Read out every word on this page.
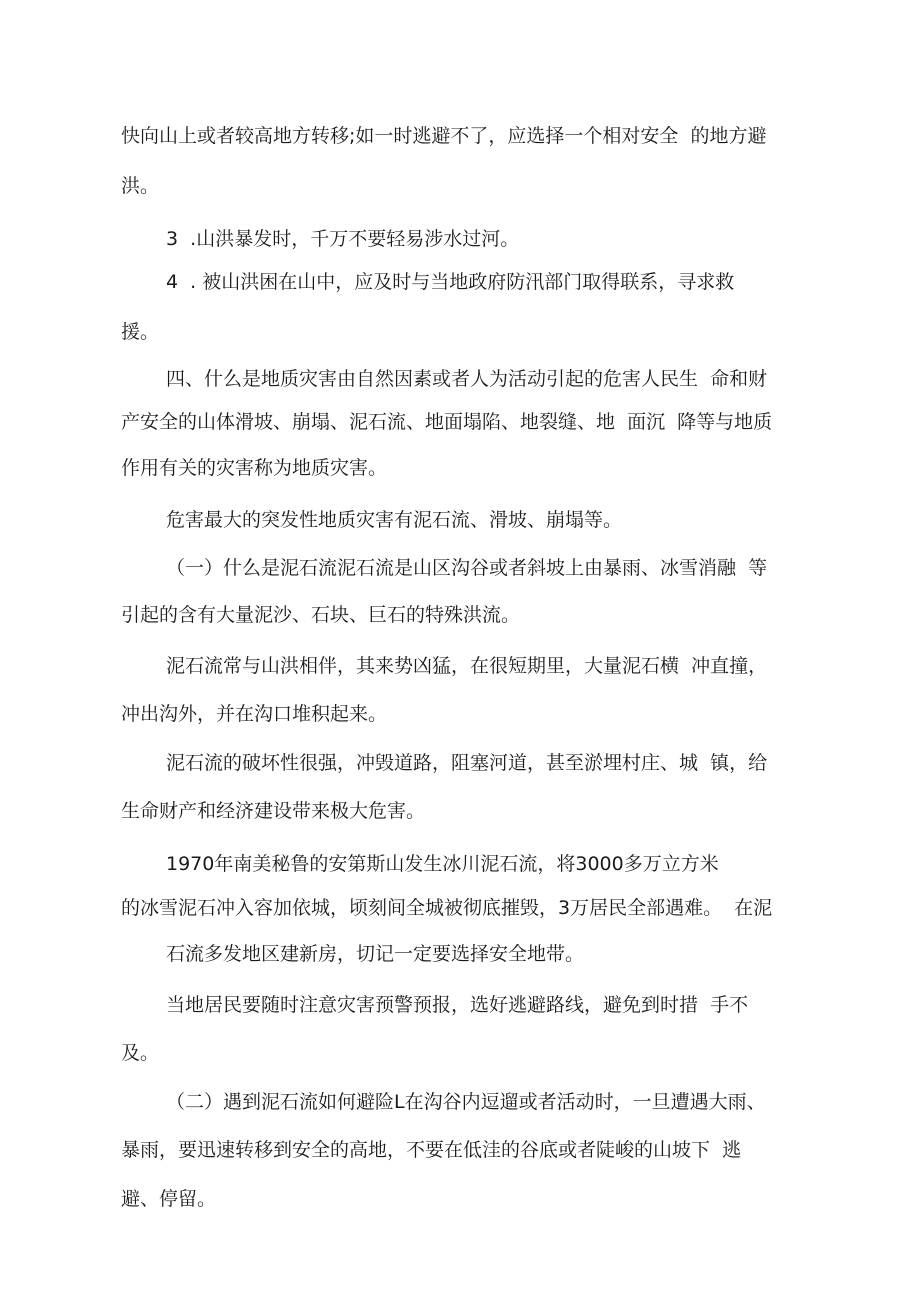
快向山上或者较高地方转移;如一时逃避不了，应选择一个相对安全  的地方避
洪。
3  .山洪暴发时，千万不要轻易涉水过河。
4  . 被山洪困在山中，应及时与当地政府防汛部门取得联系，寻求救
援。
四、什么是地质灾害由自然因素或者人为活动引起的危害人民生  命和财
产安全的山体滑坡、崩塌、泥石流、地面塌陷、地裂缝、地  面沉  降等与地质
作用有关的灾害称为地质灾害。
危害最大的突发性地质灾害有泥石流、滑坡、崩塌等。
（一）什么是泥石流泥石流是山区沟谷或者斜坡上由暴雨、冰雪消融  等
引起的含有大量泥沙、石块、巨石的特殊洪流。
泥石流常与山洪相伴，其来势凶猛，在很短期里，大量泥石横  冲直撞，
冲出沟外，并在沟口堆积起来。
泥石流的破坏性很强，冲毁道路，阻塞河道，甚至淤埋村庄、城  镇，给
生命财产和经济建设带来极大危害。
1970年南美秘鲁的安第斯山发生冰川泥石流，将3000多万立方米
的冰雪泥石冲入容加依城，顷刻间全城被彻底摧毁，3万居民全部遇难。  在泥
石流多发地区建新房，切记一定要选择安全地带。
当地居民要随时注意灾害预警预报，选好逃避路线，避免到时措  手不
及。
（二）遇到泥石流如何避险L在沟谷内逗遛或者活动时，一旦遭遇大雨、
暴雨，要迅速转移到安全的高地，不要在低洼的谷底或者陡峻的山坡下  逃
避、停留。
